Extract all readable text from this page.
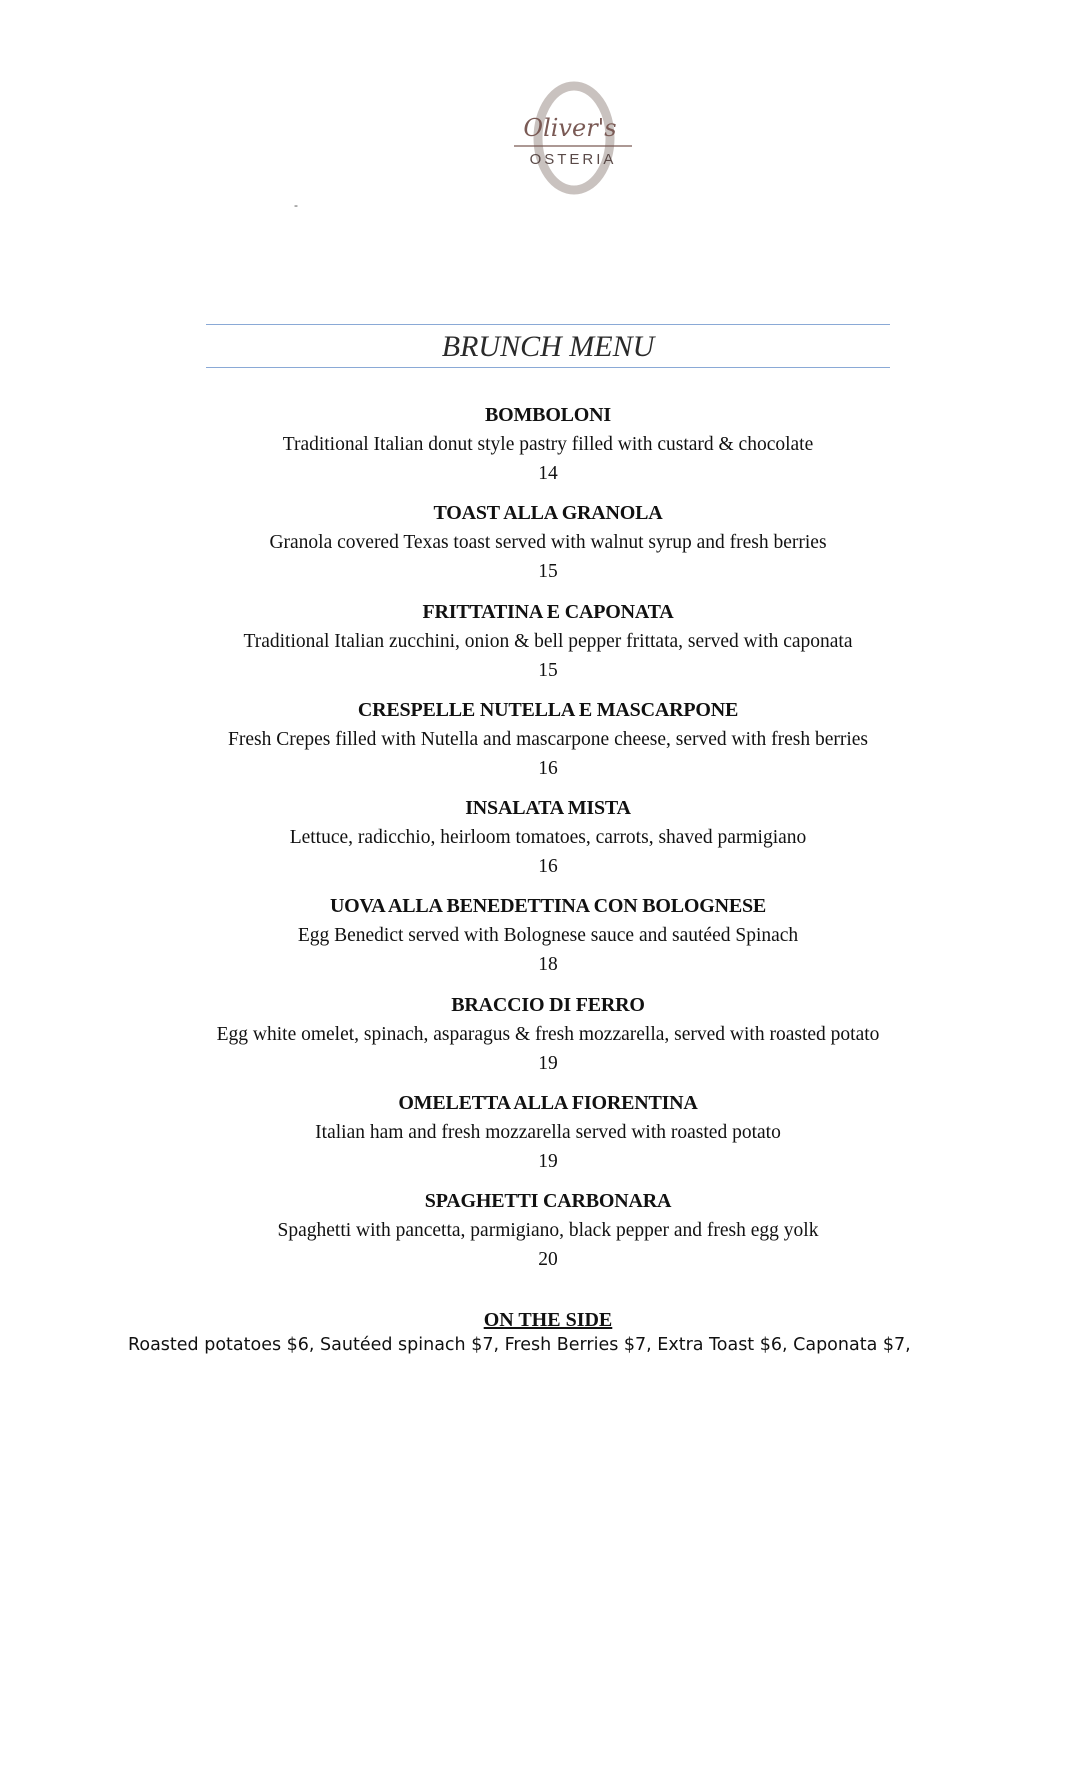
Oliver's
OSTERIA
-
BRUNCH MENU
BOMBOLONI
Traditional Italian donut style pastry filled with custard & chocolate
14
TOAST ALLA GRANOLA
Granola covered Texas toast served with walnut syrup and fresh berries
15
FRITTATINA E CAPONATA
Traditional Italian zucchini, onion & bell pepper frittata, served with caponata
15
CRESPELLE NUTELLA E MASCARPONE
Fresh Crepes filled with Nutella and mascarpone cheese, served with fresh berries
16
INSALATA MISTA
Lettuce, radicchio, heirloom tomatoes, carrots, shaved parmigiano
16
UOVA ALLA BENEDETTINA CON BOLOGNESE
Egg Benedict served with Bolognese sauce and sautéed Spinach
18
BRACCIO DI FERRO
Egg white omelet, spinach, asparagus & fresh mozzarella, served with roasted potato
19
OMELETTA ALLA FIORENTINA
Italian ham and fresh mozzarella served with roasted potato
19
SPAGHETTI CARBONARA
Spaghetti with pancetta, parmigiano, black pepper and fresh egg yolk
20
ON THE SIDE
Roasted potatoes $6, Sautéed spinach $7, Fresh Berries $7, Extra Toast $6, Caponata $7,
